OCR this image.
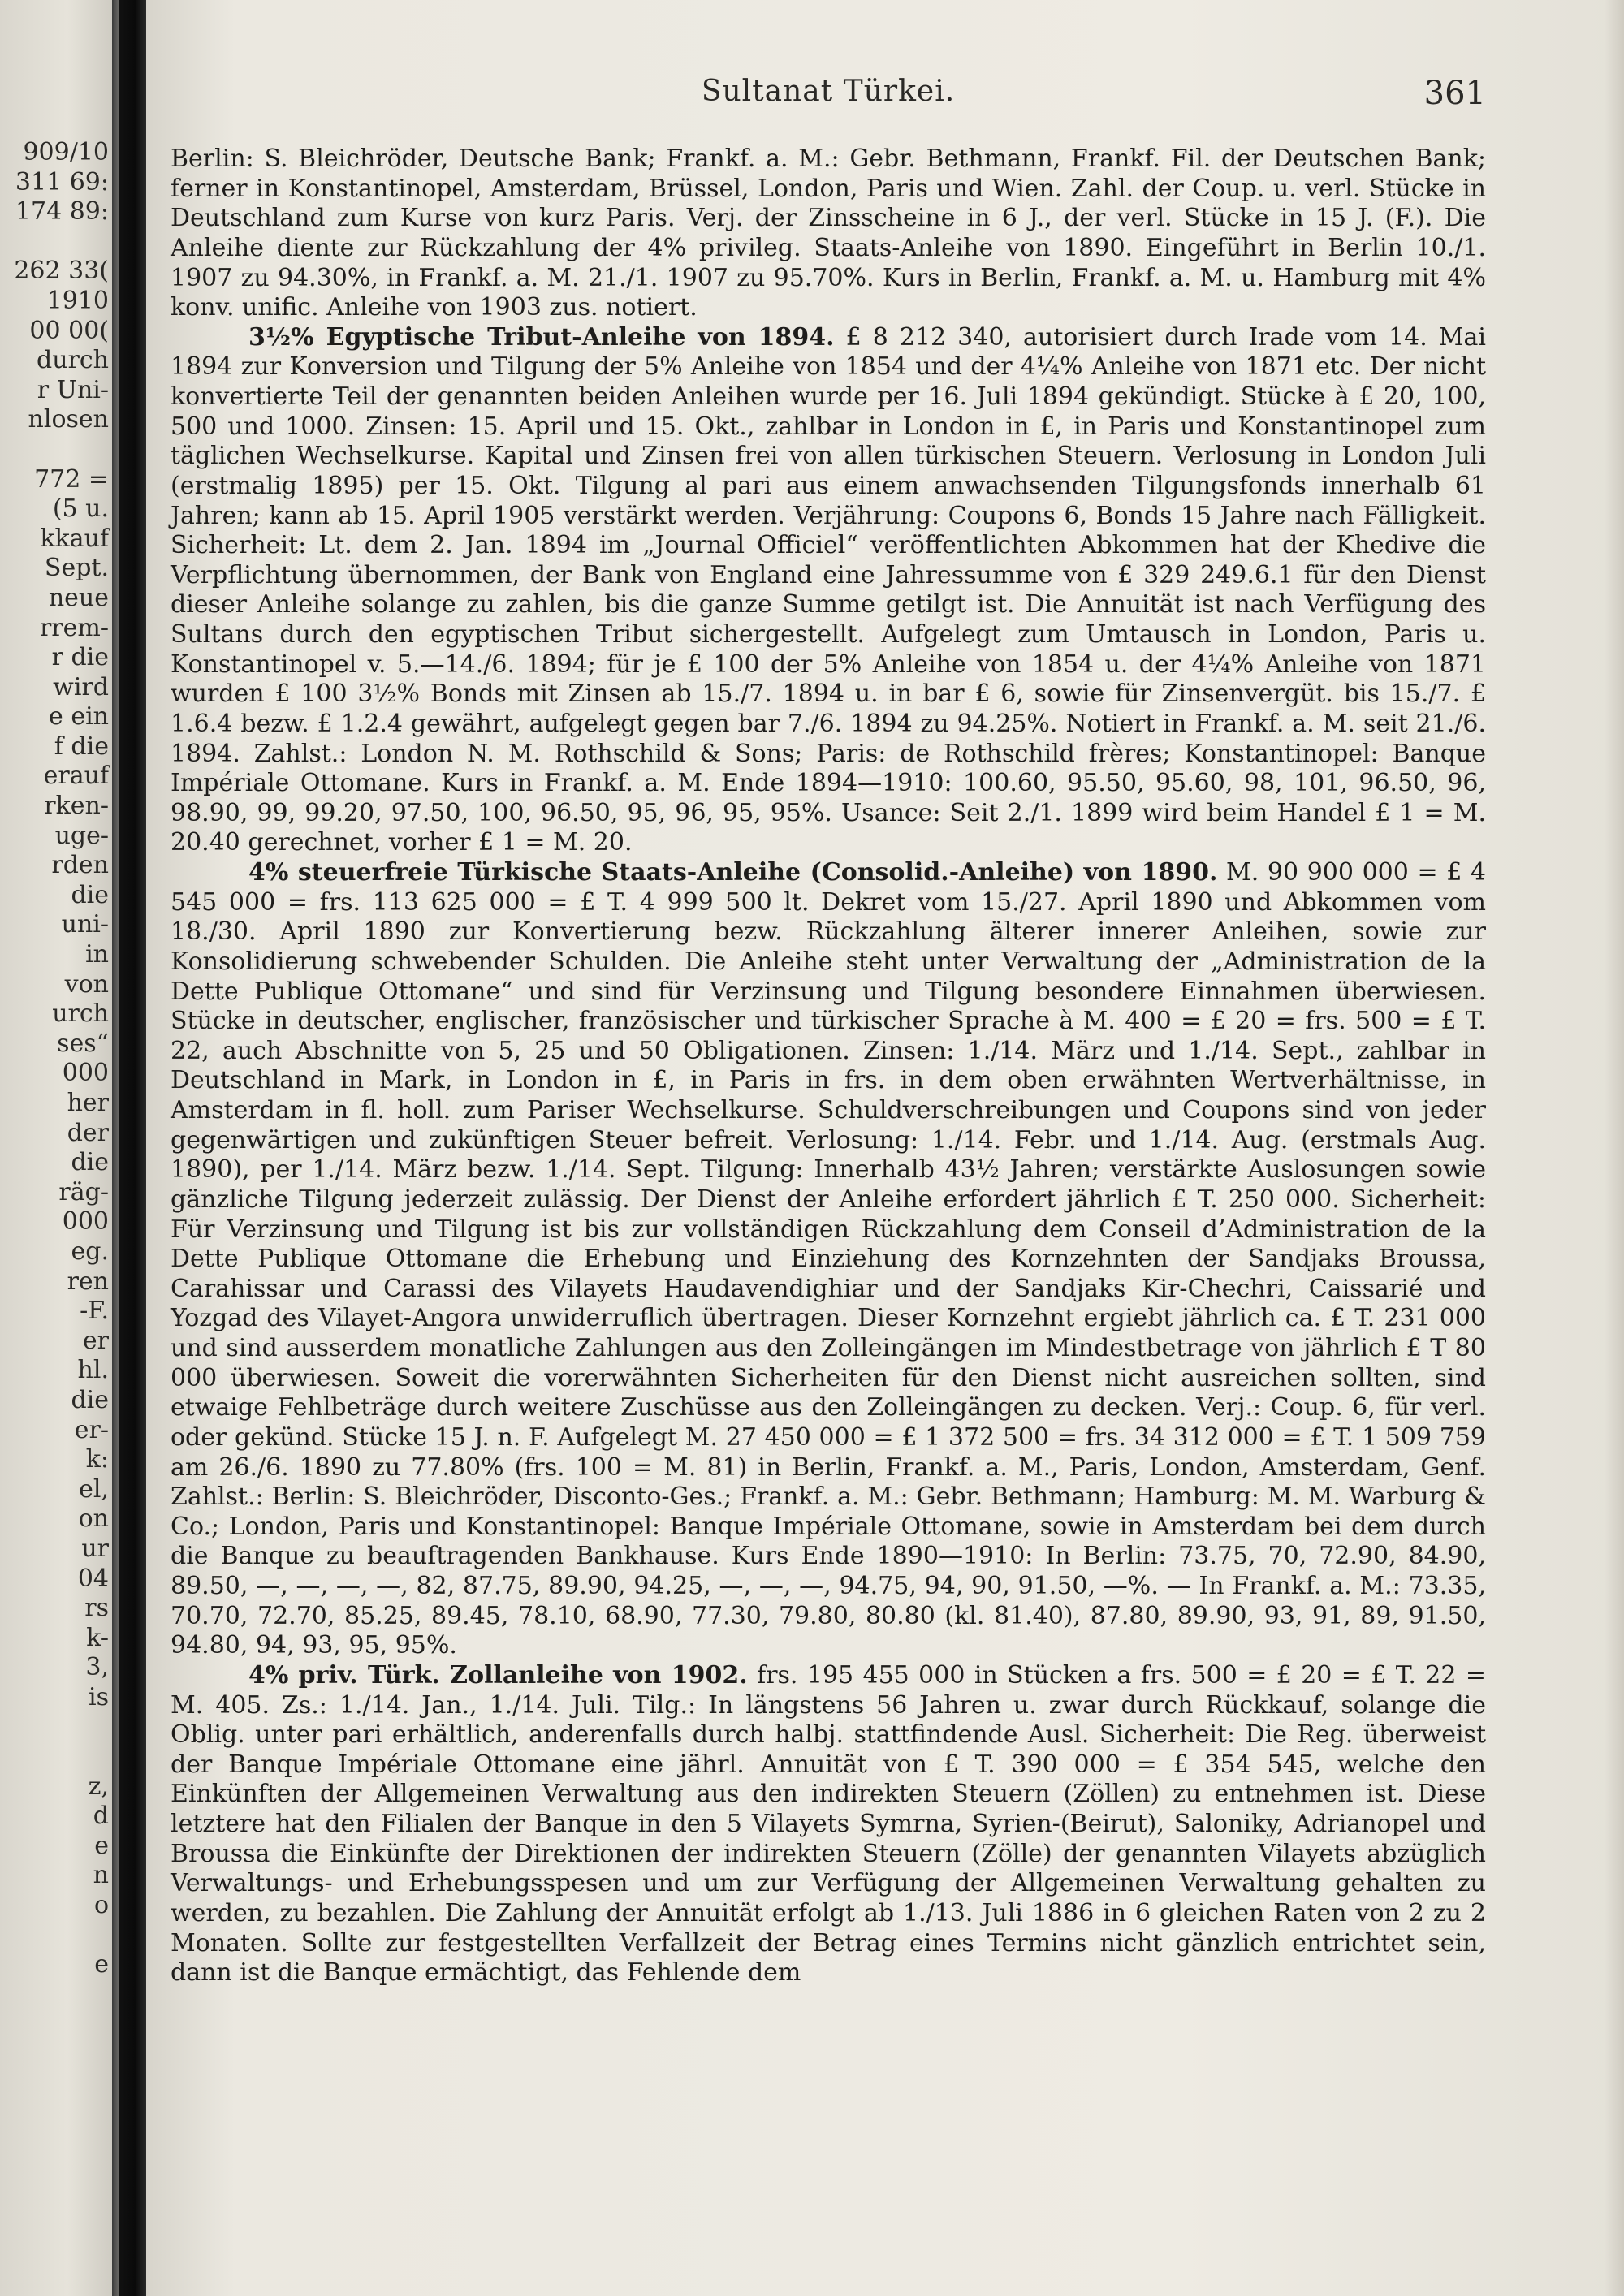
909/10
311 69:
174 89:

262 33(
1910
00 00(
durch
r Uni-
nlosen

772 =
(5 u.
kkauf
Sept.
neue
rrem-
r die
wird
e ein
f die
erauf
rken-
uge-
rden
die
uni-
in
von
urch
ses“
000
her
der
die
räg-
000
eg.
ren
-F.
er
hl.
die
er-
k:
el,
on
ur
04
rs
k-
3,
is

z,
d
e
n
o

e
Sultanat Türkei.	361

Berlin: S. Bleichröder, Deutsche Bank; Frankf. a. M.: Gebr. Bethmann, Frankf. Fil. der Deutschen Bank; ferner in Konstantinopel, Amsterdam, Brüssel, London, Paris und Wien. Zahl. der Coup. u. verl. Stücke in Deutschland zum Kurse von kurz Paris. Verj. der Zinsscheine in 6 J., der verl. Stücke in 15 J. (F.). Die Anleihe diente zur Rückzahlung der 4% privileg. Staats-Anleihe von 1890. Eingeführt in Berlin 10./1. 1907 zu 94.30%, in Frankf. a. M. 21./1. 1907 zu 95.70%. Kurs in Berlin, Frankf. a. M. u. Hamburg mit 4% konv. unific. Anleihe von 1903 zus. notiert.

3½% Egyptische Tribut-Anleihe von 1894. £ 8 212 340, autorisiert durch Irade vom 14. Mai 1894 zur Konversion und Tilgung der 5% Anleihe von 1854 und der 4¼% Anleihe von 1871 etc. Der nicht konvertierte Teil der genannten beiden Anleihen wurde per 16. Juli 1894 gekündigt. Stücke à £ 20, 100, 500 und 1000. Zinsen: 15. April und 15. Okt., zahlbar in London in £, in Paris und Konstantinopel zum täglichen Wechselkurse. Kapital und Zinsen frei von allen türkischen Steuern. Verlosung in London Juli (erstmalig 1895) per 15. Okt. Tilgung al pari aus einem anwachsenden Tilgungsfonds innerhalb 61 Jahren; kann ab 15. April 1905 verstärkt werden. Verjährung: Coupons 6, Bonds 15 Jahre nach Fälligkeit. Sicherheit: Lt. dem 2. Jan. 1894 im „Journal Officiel“ veröffentlichten Abkommen hat der Khedive die Verpflichtung übernommen, der Bank von England eine Jahressumme von £ 329 249.6.1 für den Dienst dieser Anleihe solange zu zahlen, bis die ganze Summe getilgt ist. Die Annuität ist nach Verfügung des Sultans durch den egyptischen Tribut sichergestellt. Aufgelegt zum Umtausch in London, Paris u. Konstantinopel v. 5.—14./6. 1894; für je £ 100 der 5% Anleihe von 1854 u. der 4¼% Anleihe von 1871 wurden £ 100 3½% Bonds mit Zinsen ab 15./7. 1894 u. in bar £ 6, sowie für Zinsenvergüt. bis 15./7. £ 1.6.4 bezw. £ 1.2.4 gewährt, aufgelegt gegen bar 7./6. 1894 zu 94.25%. Notiert in Frankf. a. M. seit 21./6. 1894. Zahlst.: London N. M. Rothschild & Sons; Paris: de Rothschild frères; Konstantinopel: Banque Impériale Ottomane. Kurs in Frankf. a. M. Ende 1894—1910: 100.60, 95.50, 95.60, 98, 101, 96.50, 96, 98.90, 99, 99.20, 97.50, 100, 96.50, 95, 96, 95, 95%. Usance: Seit 2./1. 1899 wird beim Handel £ 1 = M. 20.40 gerechnet, vorher £ 1 = M. 20.

4% steuerfreie Türkische Staats-Anleihe (Consolid.-Anleihe) von 1890. M. 90 900 000 = £ 4 545 000 = frs. 113 625 000 = £ T. 4 999 500 lt. Dekret vom 15./27. April 1890 und Abkommen vom 18./30. April 1890 zur Konvertierung bezw. Rückzahlung älterer innerer Anleihen, sowie zur Konsolidierung schwebender Schulden. Die Anleihe steht unter Verwaltung der „Administration de la Dette Publique Ottomane“ und sind für Verzinsung und Tilgung besondere Einnahmen überwiesen. Stücke in deutscher, englischer, französischer und türkischer Sprache à M. 400 = £ 20 = frs. 500 = £ T. 22, auch Abschnitte von 5, 25 und 50 Obligationen. Zinsen: 1./14. März und 1./14. Sept., zahlbar in Deutschland in Mark, in London in £, in Paris in frs. in dem oben erwähnten Wertverhältnisse, in Amsterdam in fl. holl. zum Pariser Wechselkurse. Schuldverschreibungen und Coupons sind von jeder gegenwärtigen und zukünftigen Steuer befreit. Verlosung: 1./14. Febr. und 1./14. Aug. (erstmals Aug. 1890), per 1./14. März bezw. 1./14. Sept. Tilgung: Innerhalb 43½ Jahren; verstärkte Auslosungen sowie gänzliche Tilgung jederzeit zulässig. Der Dienst der Anleihe erfordert jährlich £ T. 250 000. Sicherheit: Für Verzinsung und Tilgung ist bis zur vollständigen Rückzahlung dem Conseil d’Administration de la Dette Publique Ottomane die Erhebung und Einziehung des Kornzehnten der Sandjaks Broussa, Carahissar und Carassi des Vilayets Haudavendighiar und der Sandjaks Kir-Chechri, Caissarié und Yozgad des Vilayet-Angora unwiderruflich übertragen. Dieser Kornzehnt ergiebt jährlich ca. £ T. 231 000 und sind ausserdem monatliche Zahlungen aus den Zolleingängen im Mindestbetrage von jährlich £ T 80 000 überwiesen. Soweit die vorerwähnten Sicherheiten für den Dienst nicht ausreichen sollten, sind etwaige Fehlbeträge durch weitere Zuschüsse aus den Zolleingängen zu decken. Verj.: Coup. 6, für verl. oder gekünd. Stücke 15 J. n. F. Aufgelegt M. 27 450 000 = £ 1 372 500 = frs. 34 312 000 = £ T. 1 509 759 am 26./6. 1890 zu 77.80% (frs. 100 = M. 81) in Berlin, Frankf. a. M., Paris, London, Amsterdam, Genf. Zahlst.: Berlin: S. Bleichröder, Disconto-Ges.; Frankf. a. M.: Gebr. Bethmann; Hamburg: M. M. Warburg & Co.; London, Paris und Konstantinopel: Banque Impériale Ottomane, sowie in Amsterdam bei dem durch die Banque zu beauftragenden Bankhause. Kurs Ende 1890—1910: In Berlin: 73.75, 70, 72.90, 84.90, 89.50, —, —, —, —, 82, 87.75, 89.90, 94.25, —, —, —, 94.75, 94, 90, 91.50, —%. — In Frankf. a. M.: 73.35, 70.70, 72.70, 85.25, 89.45, 78.10, 68.90, 77.30, 79.80, 80.80 (kl. 81.40), 87.80, 89.90, 93, 91, 89, 91.50, 94.80, 94, 93, 95, 95%.

4% priv. Türk. Zollanleihe von 1902. frs. 195 455 000 in Stücken a frs. 500 = £ 20 = £ T. 22 = M. 405. Zs.: 1./14. Jan., 1./14. Juli. Tilg.: In längstens 56 Jahren u. zwar durch Rückkauf, solange die Oblig. unter pari erhältlich, anderenfalls durch halbj. stattfindende Ausl. Sicherheit: Die Reg. überweist der Banque Impériale Ottomane eine jährl. Annuität von £ T. 390 000 = £ 354 545, welche den Einkünften der Allgemeinen Verwaltung aus den indirekten Steuern (Zöllen) zu entnehmen ist. Diese letztere hat den Filialen der Banque in den 5 Vilayets Symrna, Syrien-(Beirut), Saloniky, Adrianopel und Broussa die Einkünfte der Direktionen der indirekten Steuern (Zölle) der genannten Vilayets abzüglich Verwaltungs- und Erhebungsspesen und um zur Verfügung der Allgemeinen Verwaltung gehalten zu werden, zu bezahlen. Die Zahlung der Annuität erfolgt ab 1./13. Juli 1886 in 6 gleichen Raten von 2 zu 2 Monaten. Sollte zur festgestellten Verfallzeit der Betrag eines Termins nicht gänzlich entrichtet sein, dann ist die Banque ermächtigt, das Fehlende dem
